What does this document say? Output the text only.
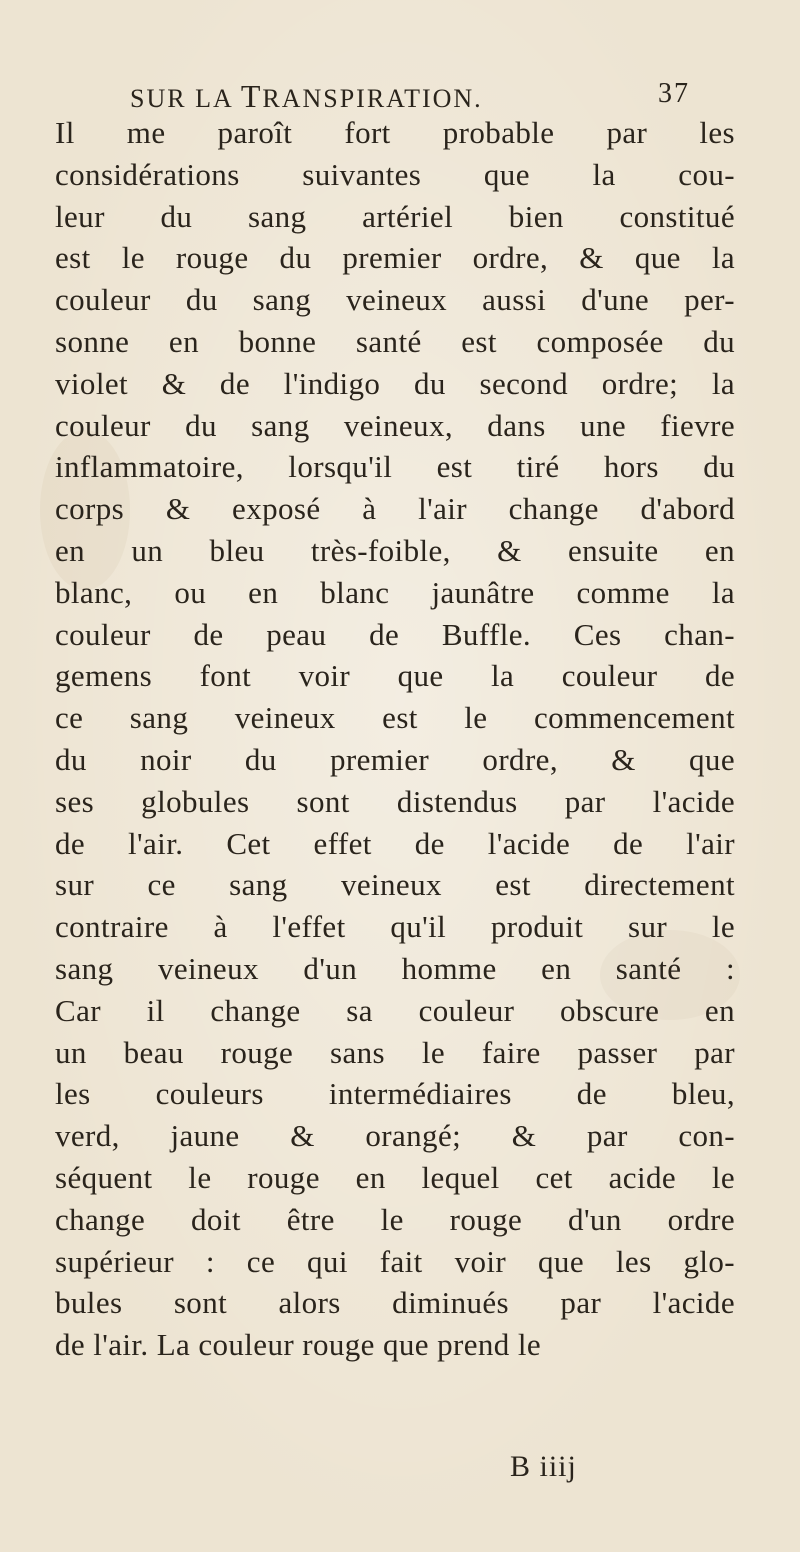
SUR LA TRANSPIRATION.	37
Il me paroît fort probable par les
considérations suivantes que la cou-
leur du sang artériel bien constitué
est le rouge du premier ordre, & que la
couleur du sang veineux aussi d'une per-
sonne en bonne santé est composée du
violet & de l'indigo du second ordre; la
couleur du sang veineux, dans une fievre
inflammatoire, lorsqu'il est tiré hors du
corps & exposé à l'air change d'abord
en un bleu très-foible, & ensuite en
blanc, ou en blanc jaunâtre comme la
couleur de peau de Buffle. Ces chan-
gemens font voir que la couleur de
ce sang veineux est le commencement
du noir du premier ordre, & que
ses globules sont distendus par l'acide
de l'air. Cet effet de l'acide de l'air
sur ce sang veineux est directement
contraire à l'effet qu'il produit sur le
sang veineux d'un homme en santé :
Car il change sa couleur obscure en
un beau rouge sans le faire passer par
les couleurs intermédiaires de bleu,
verd, jaune & orangé; & par con-
séquent le rouge en lequel cet acide le
change doit être le rouge d'un ordre
supérieur : ce qui fait voir que les glo-
bules sont alors diminués par l'acide
de l'air. La couleur rouge que prend le
B iiij
